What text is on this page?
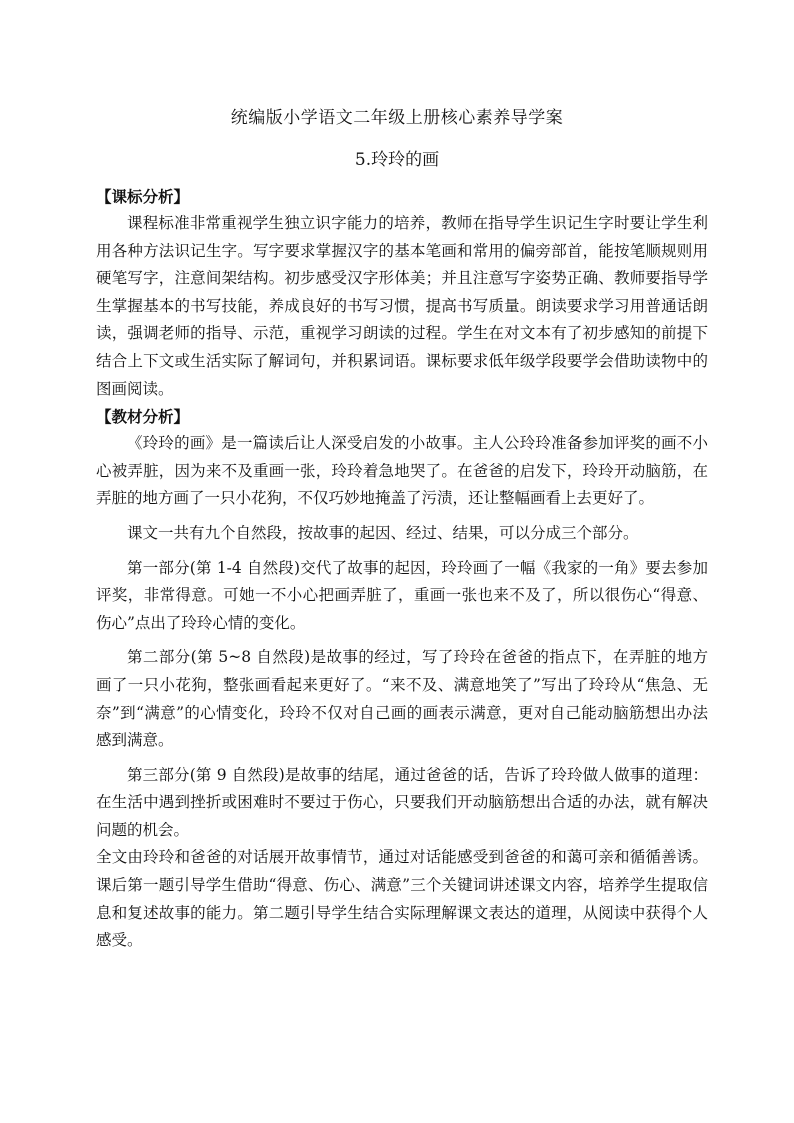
统编版小学语文二年级上册核心素养导学案
5.玲玲的画
【课标分析】

课程标准非常重视学生独立识字能力的培养，教师在指导学生识记生字时要让学生利用各种方法识记生字。写字要求掌握汉字的基本笔画和常用的偏旁部首，能按笔顺规则用硬笔写字，注意间架结构。初步感受汉字形体美；并且注意写字姿势正确、教师要指导学生掌握基本的书写技能，养成良好的书写习惯，提高书写质量。朗读要求学习用普通话朗读，强调老师的指导、示范，重视学习朗读的过程。学生在对文本有了初步感知的前提下结合上下文或生活实际了解词句，并积累词语。课标要求低年级学段要学会借助读物中的图画阅读。

【教材分析】

《玲玲的画》是一篇读后让人深受启发的小故事。主人公玲玲准备参加评奖的画不小心被弄脏，因为来不及重画一张，玲玲着急地哭了。在爸爸的启发下，玲玲开动脑筋，在弄脏的地方画了一只小花狗，不仅巧妙地掩盖了污渍，还让整幅画看上去更好了。

课文一共有九个自然段，按故事的起因、经过、结果，可以分成三个部分。

第一部分(第 1-4 自然段)交代了故事的起因，玲玲画了一幅《我家的一角》要去参加评奖，非常得意。可她一不小心把画弄脏了，重画一张也来不及了，所以很伤心“得意、伤心”点出了玲玲心情的变化。

第二部分(第 5~8 自然段)是故事的经过，写了玲玲在爸爸的指点下，在弄脏的地方画了一只小花狗，整张画看起来更好了。“来不及、满意地笑了”写出了玲玲从“焦急、无奈”到“满意”的心情变化，玲玲不仅对自己画的画表示满意，更对自己能动脑筋想出办法感到满意。

第三部分(第 9 自然段)是故事的结尾，通过爸爸的话，告诉了玲玲做人做事的道理：在生活中遇到挫折或困难时不要过于伤心，只要我们开动脑筋想出合适的办法，就有解决问题的机会。

全文由玲玲和爸爸的对话展开故事情节，通过对话能感受到爸爸的和蔼可亲和循循善诱。课后第一题引导学生借助“得意、伤心、满意”三个关键词讲述课文内容，培养学生提取信息和复述故事的能力。第二题引导学生结合实际理解课文表达的道理，从阅读中获得个人感受。
